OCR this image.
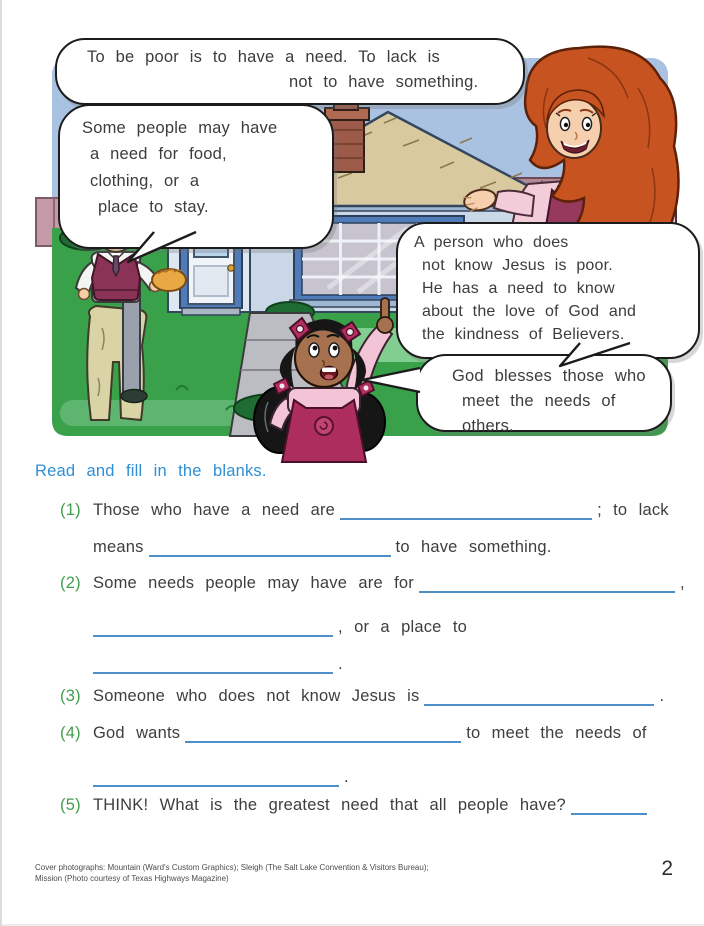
To be poor is to have a need. To lack is
not to have something.
Some people may have
a need for food,
clothing, or a
place to stay.
A person who does
not know Jesus is poor.
He has a need to know
about the love of God and
the kindness of Believers.
God blesses those who
meet the needs of others.
Read and fill in the blanks.
(1) Those who have a need are	; to lack
means	to have something.
(2) Some needs people may have are for	,
, or a place to
.
(3) Someone who does not know Jesus is	.
(4) God wants	to meet the needs of
.
(5) THINK! What is the greatest need that all people have?
Cover photographs: Mountain (Ward's Custom Graphics); Sleigh (The Salt Lake Convention & Visitors Bureau);
Mission (Photo courtesy of Texas Highways Magazine)	2
